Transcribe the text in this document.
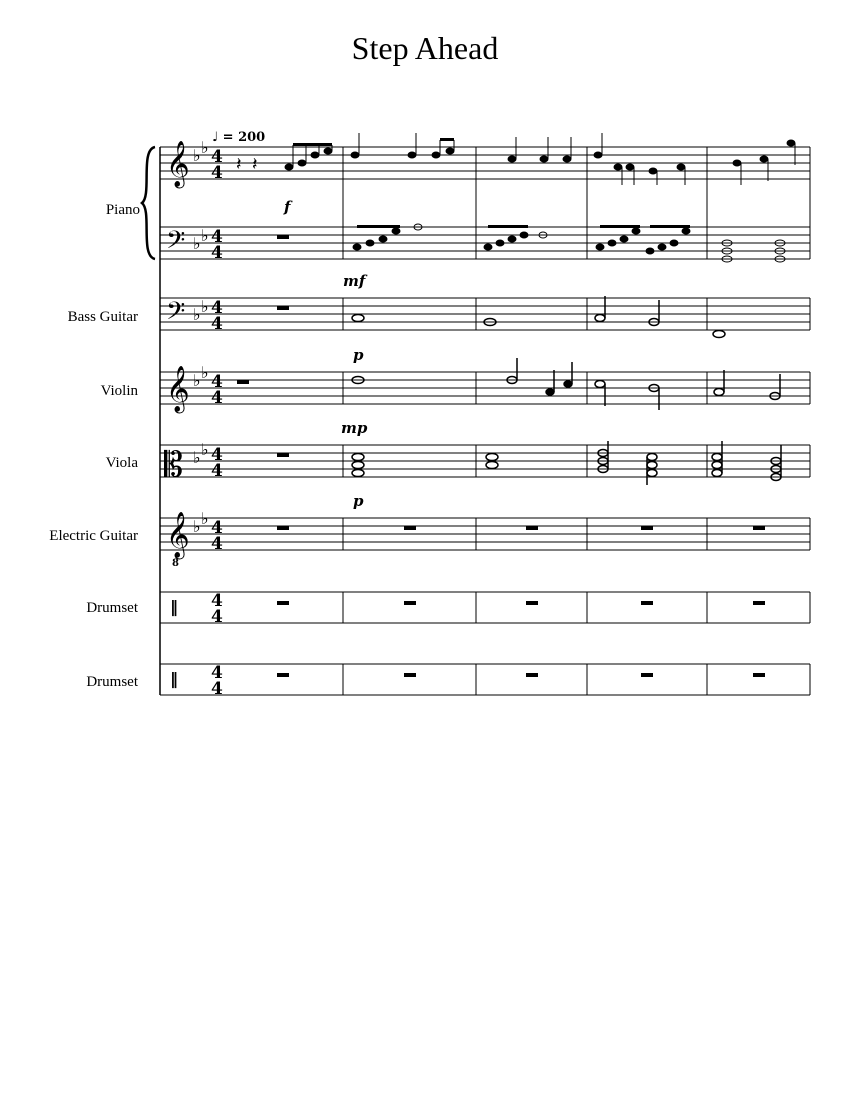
Step Ahead
♩ = 200
Piano
Bass Guitar
Violin
Viola
Electric Guitar
Drumset
Drumset
f
mf
p
mp
p
𝄞
𝄢
𝄢
𝄞
𝄡
𝄞
8
‖
‖
♭ ♭
♭ ♭
♭ ♭
♭ ♭
♭ ♭
♭ ♭
4
4
4
4
4
4
4
4
4
4
4
4
4
4
4
4
𝄽 𝄽
